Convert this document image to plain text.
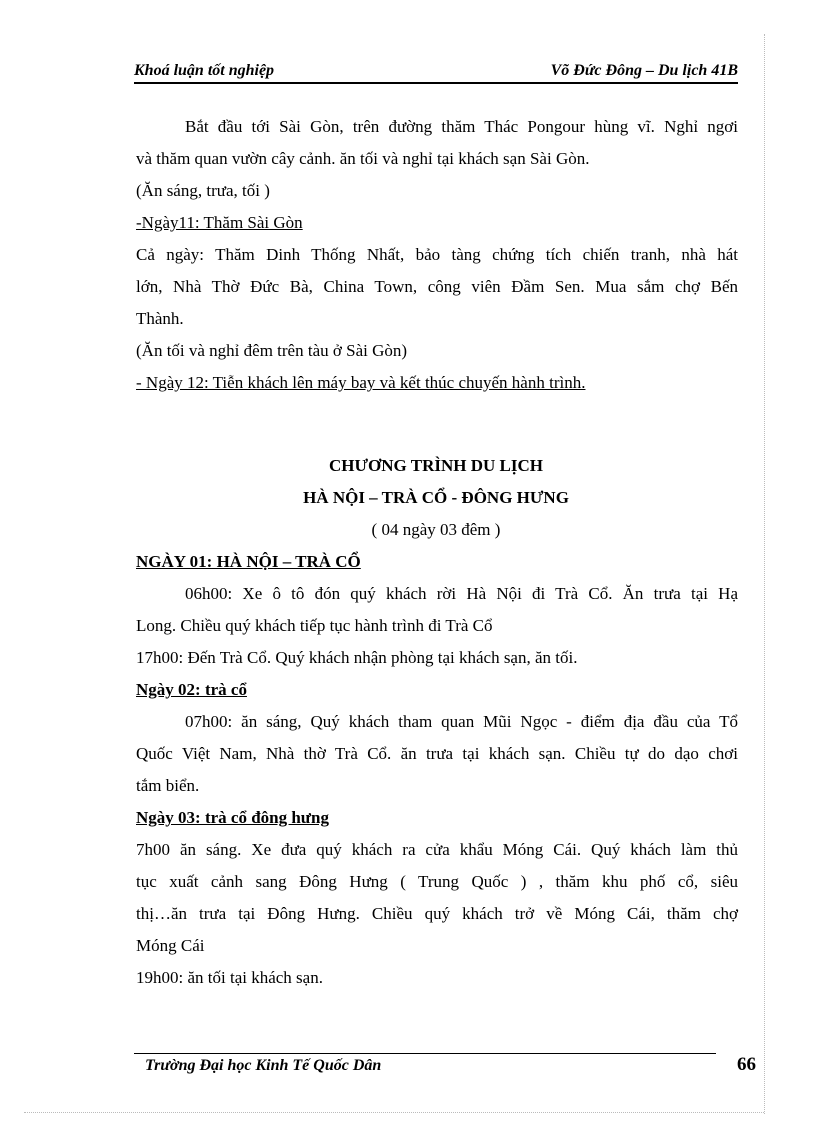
Khoá luận tốt nghiệp	Võ Đức Đông – Du lịch 41B
Bắt đầu tới Sài Gòn, trên đường thăm Thác Pongour hùng vĩ. Nghỉ ngơi
và thăm quan vườn cây cảnh. ăn tối và nghỉ tại khách sạn Sài Gòn.
(Ăn sáng, trưa, tối )
-Ngày11: Thăm Sài Gòn
Cả ngày: Thăm Dinh Thống Nhất, bảo tàng chứng tích chiến tranh, nhà hát
lớn, Nhà Thờ Đức Bà, China Town, công viên Đầm Sen. Mua sắm chợ Bến
Thành.
(Ăn tối và nghỉ đêm trên tàu ở Sài Gòn)
- Ngày 12: Tiễn khách lên máy bay và kết thúc chuyến hành trình.
CHƯƠNG TRÌNH DU LỊCH
HÀ NỘI – TRÀ CỔ - ĐÔNG HƯNG
( 04 ngày 03 đêm )
NGÀY 01: HÀ NỘI – TRÀ CỔ
06h00: Xe ô tô đón quý khách rời Hà Nội đi Trà Cổ. Ăn trưa tại Hạ
Long. Chiều quý khách tiếp tục hành trình đi Trà Cổ
17h00: Đến Trà Cổ. Quý khách nhận phòng tại khách sạn, ăn tối.
Ngày 02: trà cổ
07h00: ăn sáng, Quý khách tham quan Mũi Ngọc - điểm địa đầu của Tổ
Quốc Việt Nam, Nhà thờ Trà Cổ. ăn trưa tại khách sạn. Chiều tự do dạo chơi
tắm biển.
Ngày 03: trà cổ đông hưng
7h00 ăn sáng. Xe đưa quý khách ra cửa khẩu Móng Cái. Quý khách làm thủ
tục xuất cảnh sang Đông Hưng ( Trung Quốc ) , thăm khu phố cổ, siêu
thị…ăn trưa tại Đông Hưng. Chiều quý khách trở về Móng Cái, thăm chợ
Móng Cái
19h00: ăn tối tại khách sạn.
Trường Đại học Kinh Tế Quốc Dân	66
